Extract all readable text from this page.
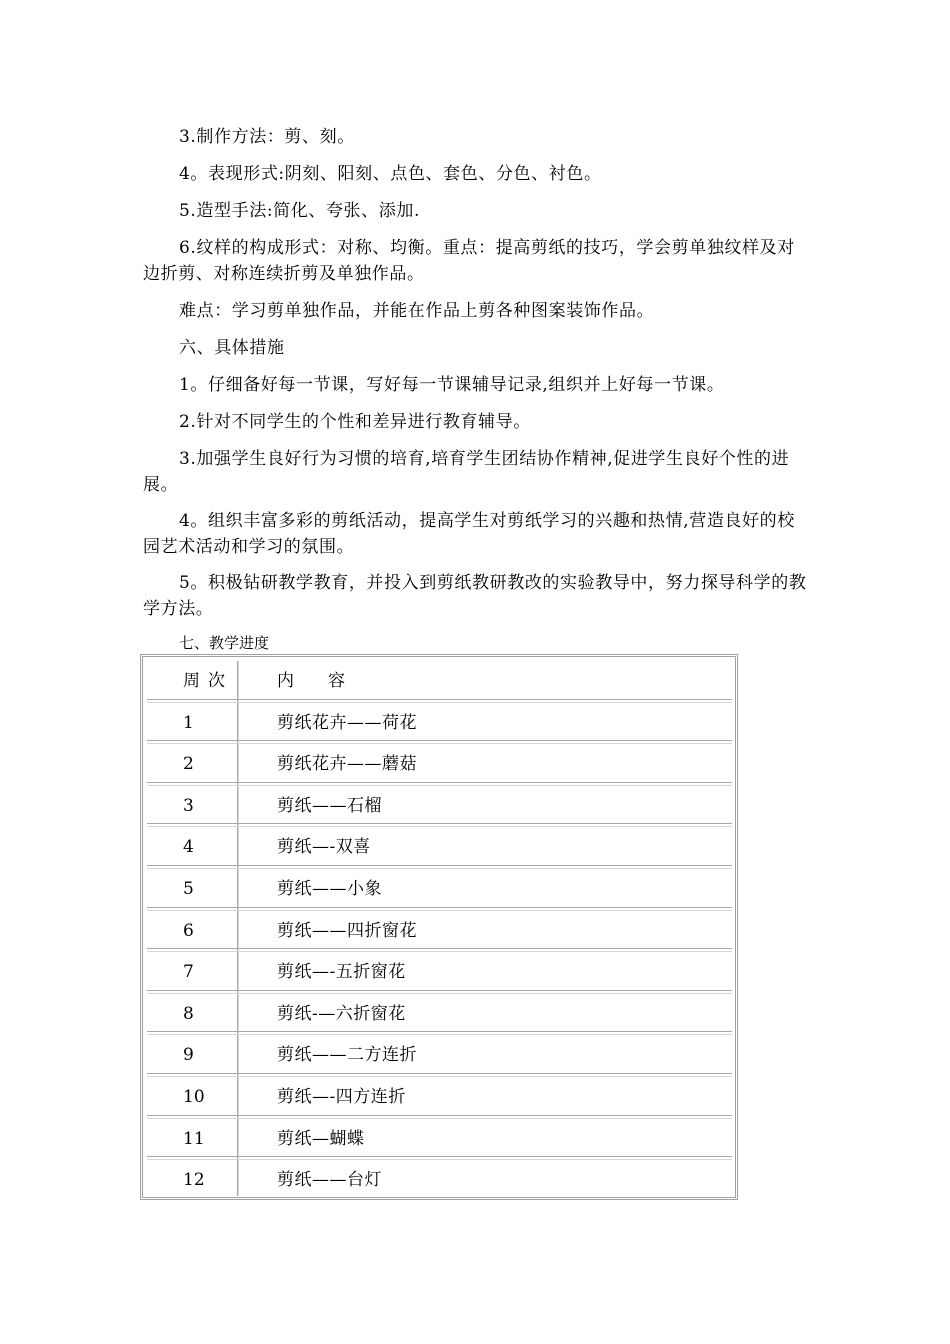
3.制作方法：剪、刻。

4。表现形式:阴刻、阳刻、点色、套色、分色、衬色。

5.造型手法:简化、夸张、添加.

6.纹样的构成形式：对称、均衡。重点：提高剪纸的技巧，学会剪单独纹样及对边折剪、对称连续折剪及单独作品。

难点：学习剪单独作品，并能在作品上剪各种图案装饰作品。

六、具体措施

1。仔细备好每一节课，写好每一节课辅导记录,组织并上好每一节课。

2.针对不同学生的个性和差异进行教育辅导。

3.加强学生良好行为习惯的培育,培育学生团结协作精神,促进学生良好个性的进展。

4。组织丰富多彩的剪纸活动，提高学生对剪纸学习的兴趣和热情,营造良好的校园艺术活动和学习的氛围。

5。积极钻研教学教育，并投入到剪纸教研教改的实验教导中，努力探导科学的教学方法。

七、教学进度

周次	内　　容
1	剪纸花卉——荷花
2	剪纸花卉——蘑菇
3	剪纸——石榴
4	剪纸—-双喜
5	剪纸——小象
6	剪纸——四折窗花
7	剪纸—-五折窗花
8	剪纸-—六折窗花
9	剪纸——二方连折
10	剪纸—-四方连折
11	剪纸—蝴蝶
12	剪纸——台灯
